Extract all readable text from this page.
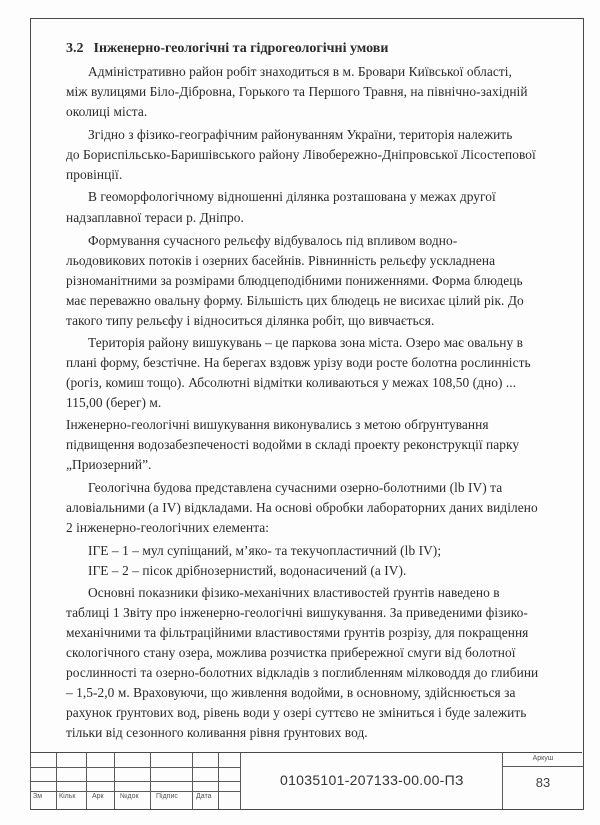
3.2 Інженерно-геологічні та гідрогеологічні умови
Адміністративно район робіт знаходиться в м. Бровари Київської області,
між вулицями Біло-Дібровна, Горького та Першого Травня, на північно-західній
околиці міста.
Згідно з фізико-географічним районуванням України, територія належить
до Бориспільсько-Баришівського району Лівобережно-Дніпровської Лісостепової
провінції.
В геоморфологічному відношенні ділянка розташована у межах другої
надзаплавної тераси р. Дніпро.
Формування сучасного рельєфу відбувалось під впливом водно-
льодовикових потоків і озерних басейнів. Рівнинність рельєфу ускладнена
різноманітними за розмірами блюдцеподібними пониженнями. Форма блюдець
має переважно овальну форму. Більшість цих блюдець не висихає цілий рік. До
такого типу рельєфу і відноситься ділянка робіт, що вивчається.
Територія району вишукувань – це паркова зона міста. Озеро має овальну в
плані форму, безстічне. На берегах вздовж урізу води росте болотна рослинність
(рогіз, комиш тощо). Абсолютні відмітки коливаються у межах 108,50 (дно) ...
115,00 (берег) м.
Інженерно-геологічні вишукування виконувались з метою обґрунтування
підвищення водозабезпеченості водойми в складі проекту реконструкції парку
„Приозерний”.
Геологічна будова представлена сучасними озерно-болотними (lb IV) та
аловіальними (а IV) відкладами. На основі обробки лабораторних даних виділено
2 інженерно-геологічних елемента:
ІГЕ – 1 – мул супіщаний, м’яко- та текучопластичний (lb IV);
ІГЕ – 2 – пісок дрібнозернистий, водонасичений (а IV).
Основні показники фізико-механічних властивостей ґрунтів наведено в
таблиці 1 Звіту про інженерно-геологічні вишукування. За приведеними фізико-
механічними та фільтраційними властивостями ґрунтів розрізу, для покращення
скологічного стану озера, можлива розчистка прибережної смуги від болотної
рослинності та озерно-болотних відкладів з поглибленням мілководдя до глибини
– 1,5-2,0 м. Враховуючи, що живлення водойми, в основному, здійснюється за
рахунок ґрунтових вод, рівень води у озері суттєво не зміниться і буде залежить
тільки від сезонного коливання рівня ґрунтових вод.
Зм Кільк Арк №док Підпис	Дата
01035101-207133-00.00-ПЗ
Аркуш
83
